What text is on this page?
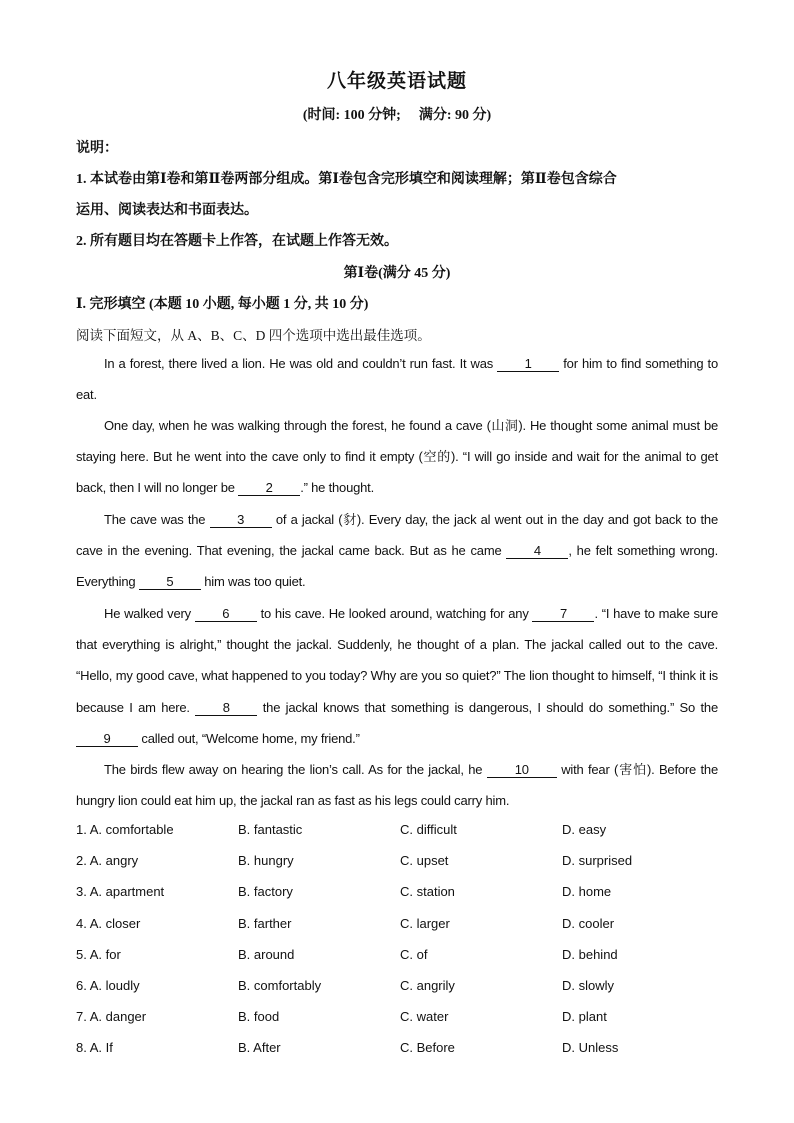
八年级英语试题
(时间: 100 分钟; 满分: 90 分)
说明：
1. 本试卷由第Ⅰ卷和第Ⅱ卷两部分组成。第Ⅰ卷包含完形填空和阅读理解；第Ⅱ卷包含综合
运用、阅读表达和书面表达。
2. 所有题目均在答题卡上作答，在试题上作答无效。
第Ⅰ卷(满分 45 分)
Ⅰ. 完形填空 (本题 10 小题, 每小题 1 分, 共 10 分)
阅读下面短文，从 A、B、C、D 四个选项中选出最佳选项。
In a forest, there lived a lion. He was old and couldn’t run fast. It was 1 for him to find something to eat.
One day, when he was walking through the forest, he found a cave (山洞). He thought some animal must be staying here. But he went into the cave only to find it empty (空的). “I will go inside and wait for the animal to get back, then I will no longer be 2 .” he thought.
The cave was the 3 of a jackal (豺). Every day, the jack al went out in the day and got back to the cave in the evening. That evening, the jackal came back. But as he came 4 , he felt something wrong. Everything 5 him was too quiet.
He walked very 6 to his cave. He looked around, watching for any 7 . “I have to make sure that everything is alright,” thought the jackal. Suddenly, he thought of a plan. The jackal called out to the cave. “Hello, my good cave, what happened to you today? Why are you so quiet?” The lion thought to himself, “I think it is because I am here. 8 the jackal knows that something is dangerous, I should do something.” So the 9 called out, “Welcome home, my friend.”
The birds flew away on hearing the lion’s call. As for the jackal, he 10 with fear (害怕). Before the hungry lion could eat him up, the jackal ran as fast as his legs could carry him.
1. A. comfortable	B. fantastic	C. difficult	D. easy
2. A. angry	B. hungry	C. upset	D. surprised
3. A. apartment	B. factory	C. station	D. home
4. A. closer	B. farther	C. larger	D. cooler
5. A. for	B. around	C. of	D. behind
6. A. loudly	B. comfortably	C. angrily	D. slowly
7. A. danger	B. food	C. water	D. plant
8. A. If	B. After	C. Before	D. Unless
